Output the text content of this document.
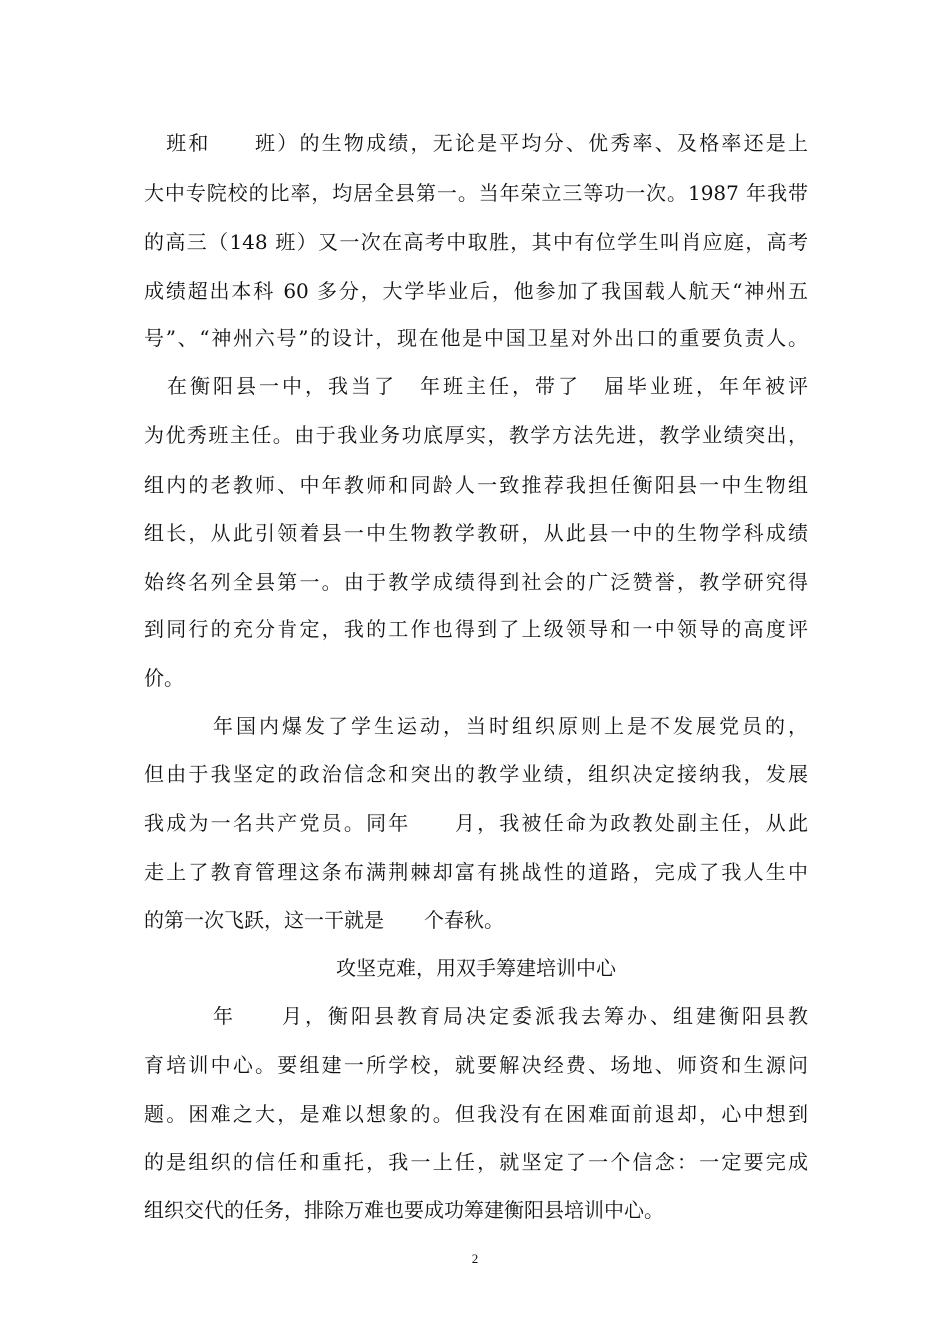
　班和　　班）的生物成绩，无论是平均分、优秀率、及格率还是上
大中专院校的比率，均居全县第一。当年荣立三等功一次。1987 年我带
的高三（148 班）又一次在高考中取胜，其中有位学生叫肖应庭，高考
成绩超出本科 60 多分，大学毕业后，他参加了我国载人航天“神州五
号”、“神州六号”的设计，现在他是中国卫星对外出口的重要负责人。
　在衡阳县一中，我当了　年班主任，带了　届毕业班，年年被评
为优秀班主任。由于我业务功底厚实，教学方法先进，教学业绩突出，
组内的老教师、中年教师和同龄人一致推荐我担任衡阳县一中生物组
组长，从此引领着县一中生物教学教研，从此县一中的生物学科成绩
始终名列全县第一。由于教学成绩得到社会的广泛赞誉，教学研究得
到同行的充分肯定，我的工作也得到了上级领导和一中领导的高度评
价。
　　　年国内爆发了学生运动，当时组织原则上是不发展党员的，
但由于我坚定的政治信念和突出的教学业绩，组织决定接纳我，发展
我成为一名共产党员。同年　　月，我被任命为政教处副主任，从此
走上了教育管理这条布满荆棘却富有挑战性的道路，完成了我人生中
的第一次飞跃，这一干就是　　个春秋。
攻坚克难，用双手筹建培训中心
　　　年　　月，衡阳县教育局决定委派我去筹办、组建衡阳县教
育培训中心。要组建一所学校，就要解决经费、场地、师资和生源问
题。困难之大，是难以想象的。但我没有在困难面前退却，心中想到
的是组织的信任和重托，我一上任，就坚定了一个信念：一定要完成
组织交代的任务，排除万难也要成功筹建衡阳县培训中心。
2
